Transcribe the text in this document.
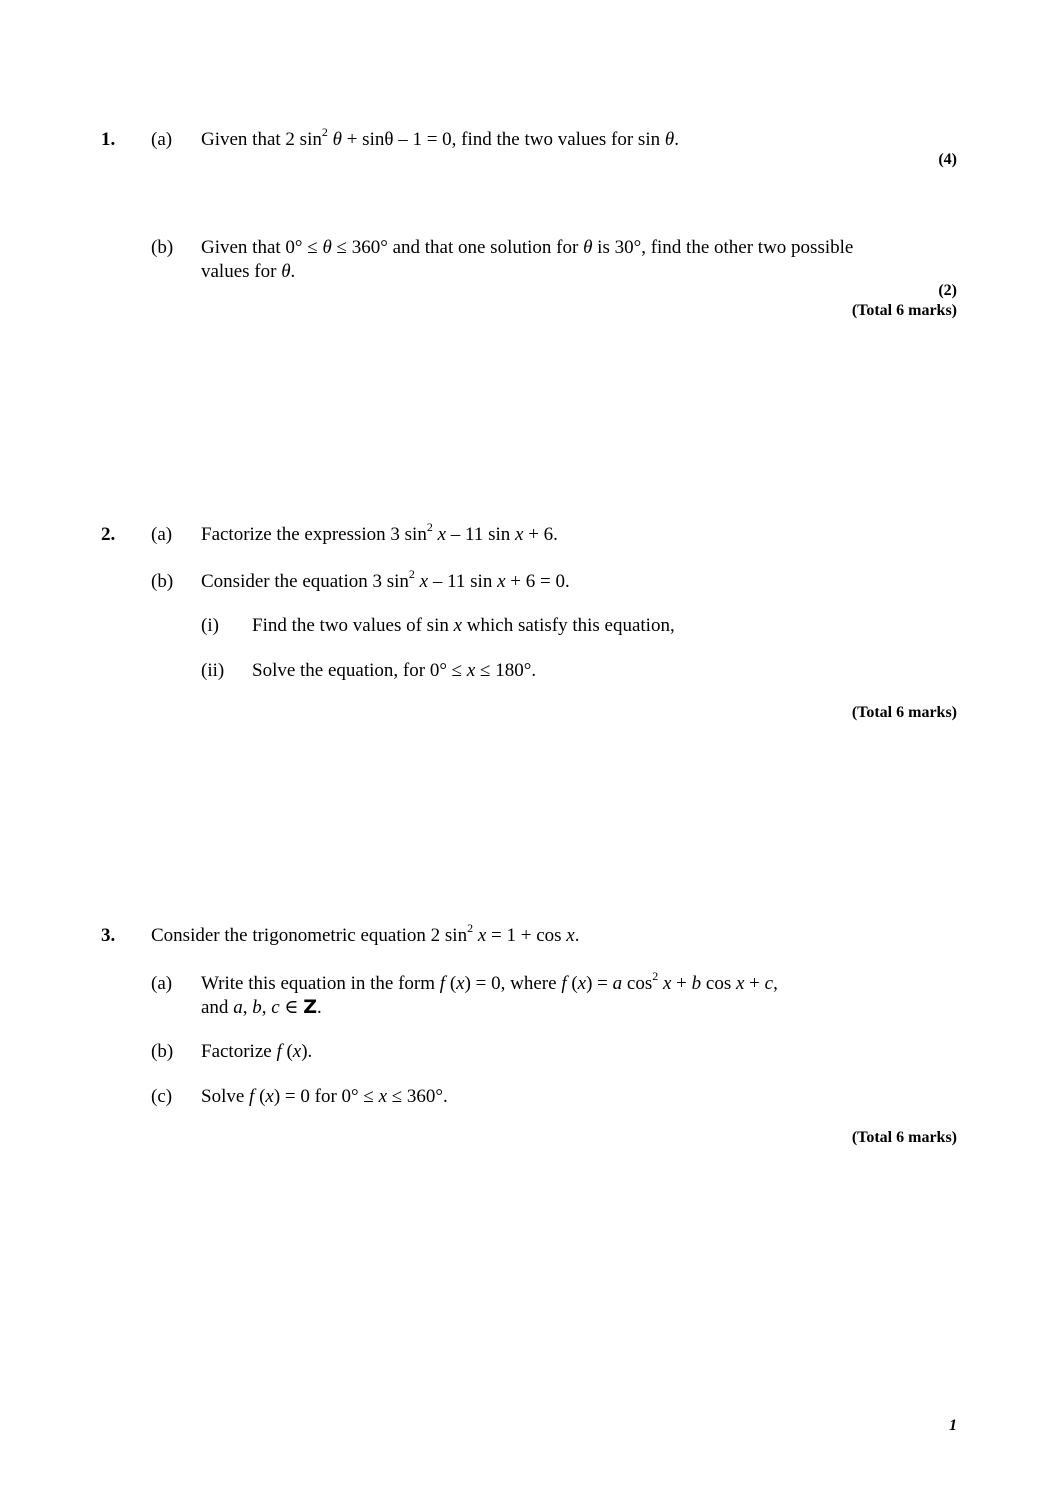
1. (a) Given that 2 $\sin^2 \theta + \sin\theta - 1 = 0$, find the two values for sin θ.
(4)
(b) Given that 0° ≤ θ ≤ 360° and that one solution for θ is 30°, find the other two possible
values for θ.
(2)
(Total 6 marks)
2. (a) Factorize the expression 3 $\sin^2 x - 11$ sin x + 6.
(b) Consider the equation 3 $\sin^2 x - 11$ sin x + 6 = 0.
(i) Find the two values of sin x which satisfy this equation,
(ii) Solve the equation, for 0° ≤ x ≤ 180°.
(Total 6 marks)
3. Consider the trigonometric equation 2 $\sin^2 x = 1 + \cos x$.
(a) Write this equation in the form f (x) = 0, where f (x) = a $\cos^2 x + b$ cos x + c,
and a, b, c ∈ Z.
(b) Factorize f (x).
(c) Solve f (x) = 0 for 0° ≤ x ≤ 360°.
(Total 6 marks)
1
